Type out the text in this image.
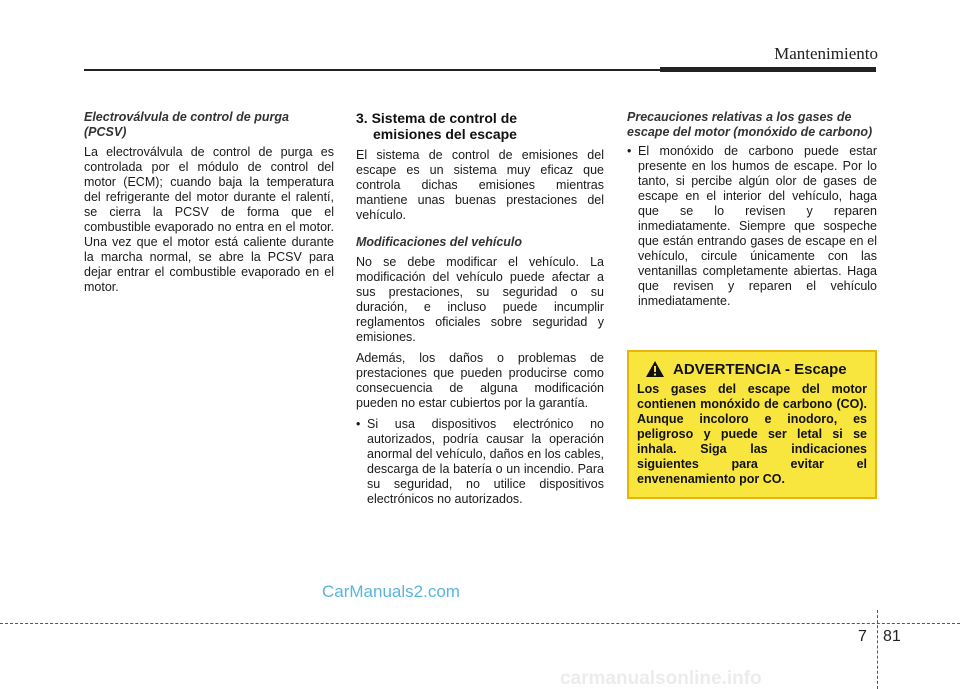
Mantenimiento
Electroválvula de control de purga (PCSV)

La electroválvula de control de purga es controlada por el módulo de control del motor (ECM); cuando baja la temperatura del refrigerante del motor durante el ralentí, se cierra la PCSV de forma que el combustible evaporado no entra en el motor. Una vez que el motor está caliente durante la marcha normal, se abre la PCSV para dejar entrar el combustible evaporado en el motor.

3. Sistema de control de
emisiones del escape

El sistema de control de emisiones del escape es un sistema muy eficaz que controla dichas emisiones mientras mantiene unas buenas prestaciones del vehículo.

Modificaciones del vehículo

No se debe modificar el vehículo. La modificación del vehículo puede afectar a sus prestaciones, su seguridad o su duración, e incluso puede incumplir reglamentos oficiales sobre seguridad y emisiones.

Además, los daños o problemas de prestaciones que pueden producirse como consecuencia de alguna modificación pueden no estar cubiertos por la garantía.

• Si usa dispositivos electrónico no autorizados, podría causar la operación anormal del vehículo, daños en los cables, descarga de la batería o un incendio. Para su seguridad, no utilice dispositivos electrónicos no autorizados.

Precauciones relativas a los gases de escape del motor (monóxido de carbono)

• El monóxido de carbono puede estar presente en los humos de escape. Por lo tanto, si percibe algún olor de gases de escape en el interior del vehículo, haga que se lo revisen y reparen inmediatamente. Siempre que sospeche que están entrando gases de escape en el vehículo, circule únicamente con las ventanillas completamente abiertas. Haga que revisen y reparen el vehículo inmediatamente.

ADVERTENCIA - Escape
Los gases del escape del motor contienen monóxido de carbono (CO). Aunque incoloro e inodoro, es peligroso y puede ser letal si se inhala. Siga las indicaciones siguientes para evitar el envenenamiento por CO.
CarManuals2.com
7 81
carmanualsonline.info
